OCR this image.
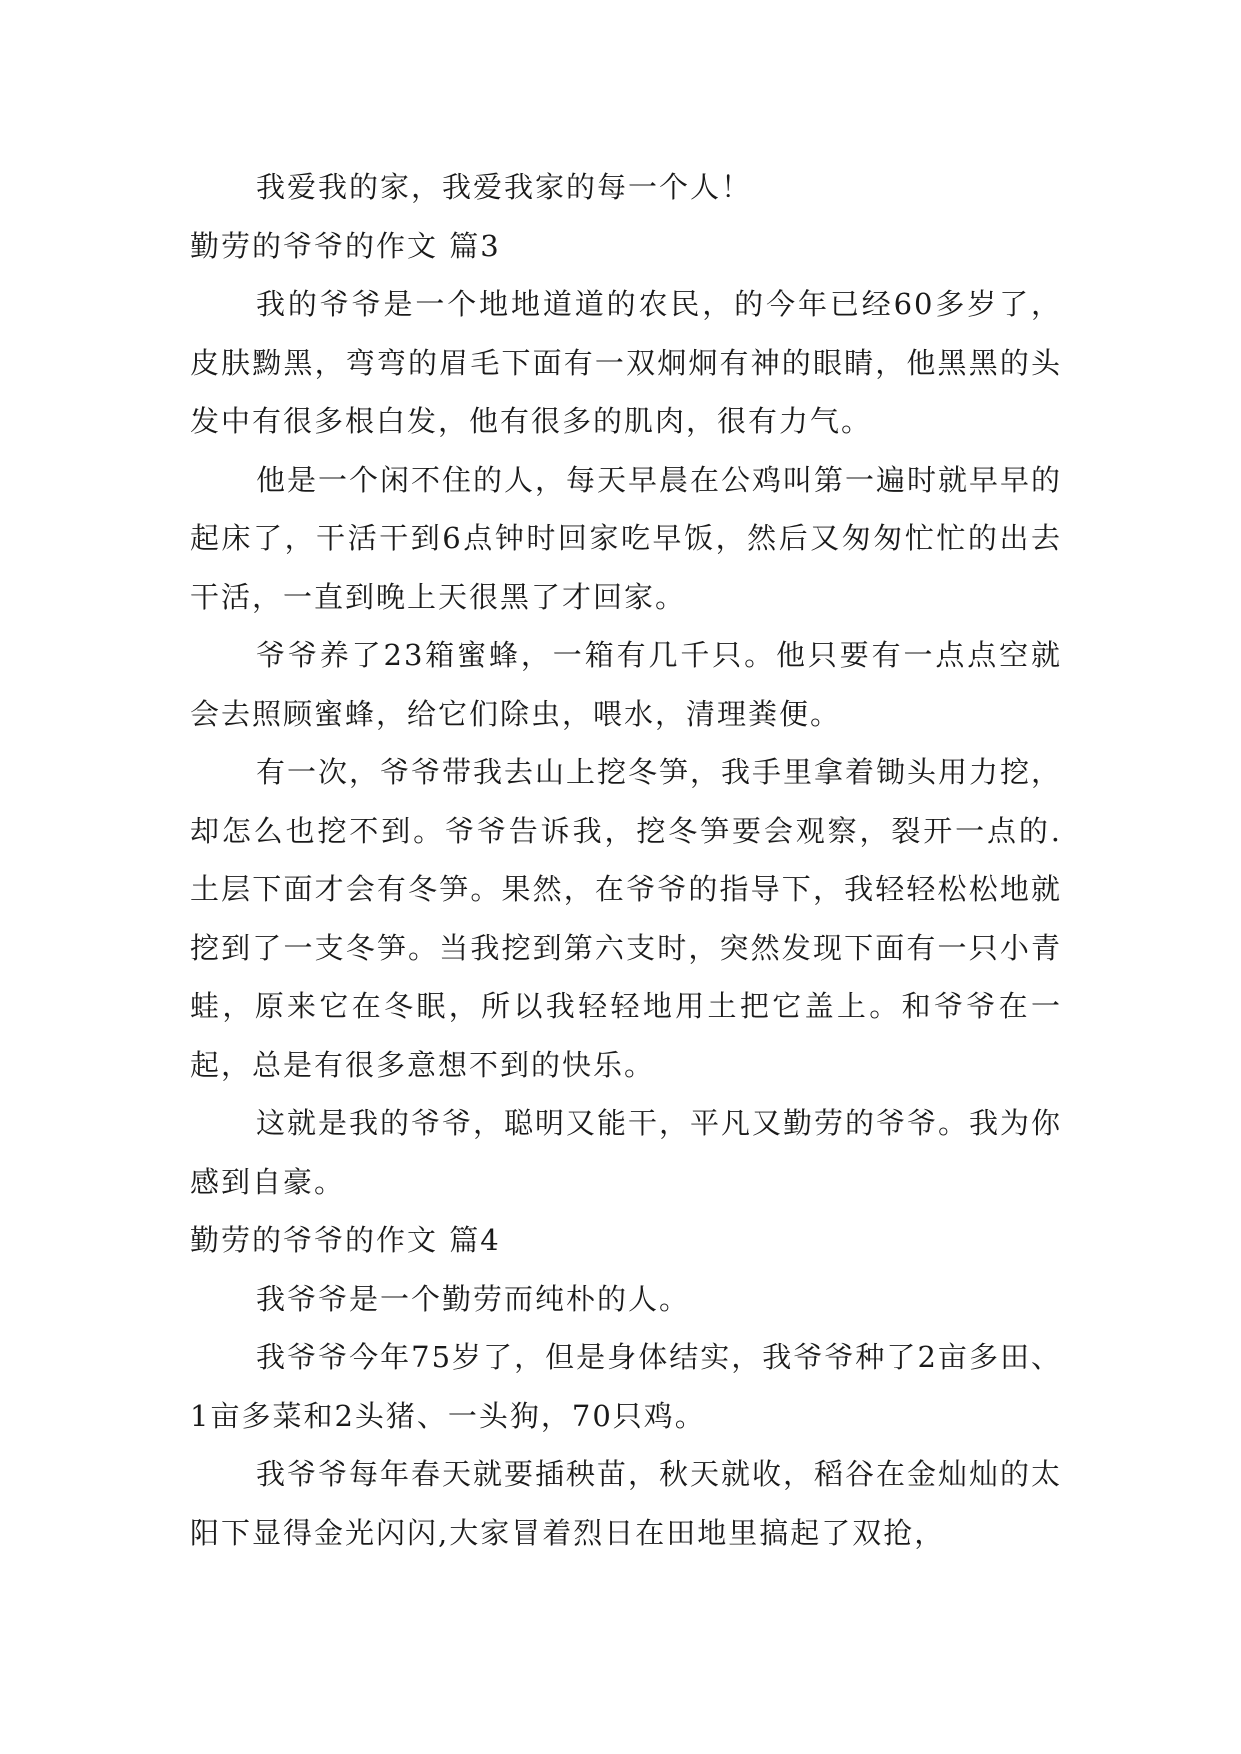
我爱我的家，我爱我家的每一个人！

勤劳的爷爷的作文 篇3

我的爷爷是一个地地道道的农民，的今年已经60多岁了，皮肤黝黑，弯弯的眉毛下面有一双炯炯有神的眼睛，他黑黑的头发中有很多根白发，他有很多的肌肉，很有力气。

他是一个闲不住的人，每天早晨在公鸡叫第一遍时就早早的起床了，干活干到6点钟时回家吃早饭，然后又匆匆忙忙的出去干活，一直到晚上天很黑了才回家。

爷爷养了23箱蜜蜂，一箱有几千只。他只要有一点点空就会去照顾蜜蜂，给它们除虫，喂水，清理粪便。

有一次，爷爷带我去山上挖冬笋，我手里拿着锄头用力挖，却怎么也挖不到。爷爷告诉我，挖冬笋要会观察，裂开一点的.土层下面才会有冬笋。果然，在爷爷的指导下，我轻轻松松地就挖到了一支冬笋。当我挖到第六支时，突然发现下面有一只小青蛙，原来它在冬眠，所以我轻轻地用土把它盖上。和爷爷在一起，总是有很多意想不到的快乐。

这就是我的爷爷，聪明又能干，平凡又勤劳的爷爷。我为你感到自豪。

勤劳的爷爷的作文 篇4

我爷爷是一个勤劳而纯朴的人。

我爷爷今年75岁了，但是身体结实，我爷爷种了2亩多田、1亩多菜和2头猪、一头狗，70只鸡。

我爷爷每年春天就要插秧苗，秋天就收，稻谷在金灿灿的太阳下显得金光闪闪,大家冒着烈日在田地里搞起了双抢，
